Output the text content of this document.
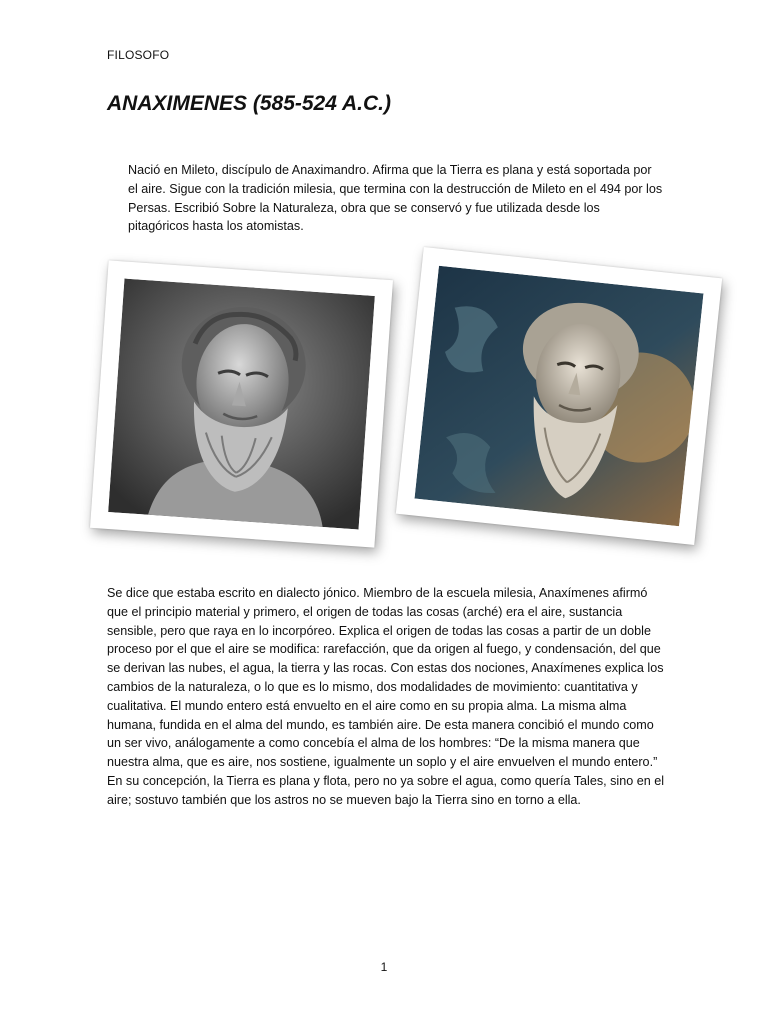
FILOSOFO
ANAXIMENES (585-524 A.C.)

Nació en Mileto, discípulo de Anaximandro. Afirma que la Tierra es plana y está soportada por el aire. Sigue con la tradición milesia, que termina con la destrucción de Mileto en el 494 por los Persas. Escribió Sobre la Naturaleza, obra que se conservó y fue utilizada desde los pitagóricos hasta los atomistas.

Se dice que estaba escrito en dialecto jónico. Miembro de la escuela milesia, Anaxímenes afirmó que el principio material y primero, el origen de todas las cosas (arché) era el aire, sustancia sensible, pero que raya en lo incorpóreo. Explica el origen de todas las cosas a partir de un doble proceso por el que el aire se modifica: rarefacción, que da origen al fuego, y condensación, del que se derivan las nubes, el agua, la tierra y las rocas. Con estas dos nociones, Anaxímenes explica los cambios de la naturaleza, o lo que es lo mismo, dos modalidades de movimiento: cuantitativa y cualitativa. El mundo entero está envuelto en el aire como en su propia alma. La misma alma humana, fundida en el alma del mundo, es también aire. De esta manera concibió el mundo como un ser vivo, análogamente a como concebía el alma de los hombres: “De la misma manera que nuestra alma, que es aire, nos sostiene, igualmente un soplo y el aire envuelven el mundo entero.” En su concepción, la Tierra es plana y flota, pero no ya sobre el agua, como quería Tales, sino en el aire; sostuvo también que los astros no se mueven bajo la Tierra sino en torno a ella.

1
